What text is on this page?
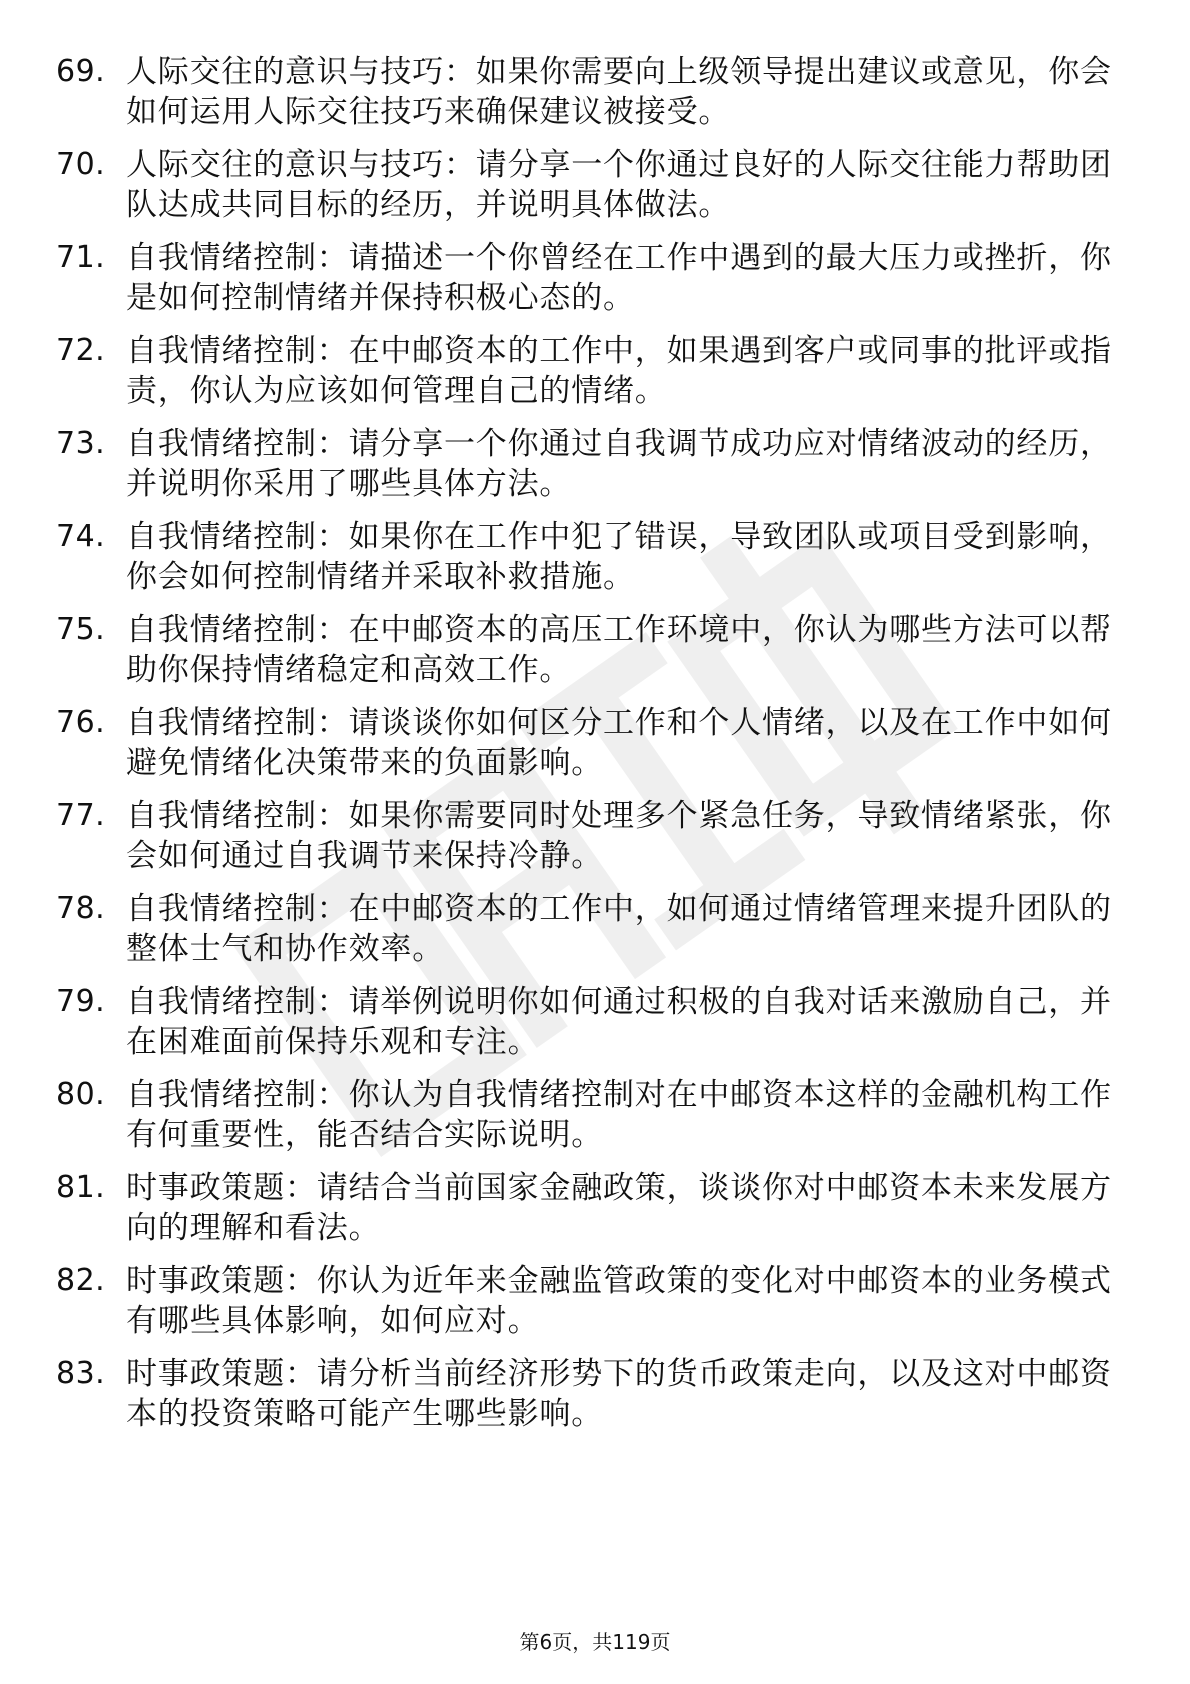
69. 人际交往的意识与技巧：如果你需要向上级领导提出建议或意见，你会如何运用人际交往技巧来确保建议被接受。
70. 人际交往的意识与技巧：请分享一个你通过良好的人际交往能力帮助团队达成共同目标的经历，并说明具体做法。
71. 自我情绪控制：请描述一个你曾经在工作中遇到的最大压力或挫折，你是如何控制情绪并保持积极心态的。
72. 自我情绪控制：在中邮资本的工作中，如果遇到客户或同事的批评或指责，你认为应该如何管理自己的情绪。
73. 自我情绪控制：请分享一个你通过自我调节成功应对情绪波动的经历，并说明你采用了哪些具体方法。
74. 自我情绪控制：如果你在工作中犯了错误，导致团队或项目受到影响，你会如何控制情绪并采取补救措施。
75. 自我情绪控制：在中邮资本的高压工作环境中，你认为哪些方法可以帮助你保持情绪稳定和高效工作。
76. 自我情绪控制：请谈谈你如何区分工作和个人情绪，以及在工作中如何避免情绪化决策带来的负面影响。
77. 自我情绪控制：如果你需要同时处理多个紧急任务，导致情绪紧张，你会如何通过自我调节来保持冷静。
78. 自我情绪控制：在中邮资本的工作中，如何通过情绪管理来提升团队的整体士气和协作效率。
79. 自我情绪控制：请举例说明你如何通过积极的自我对话来激励自己，并在困难面前保持乐观和专注。
80. 自我情绪控制：你认为自我情绪控制对在中邮资本这样的金融机构工作有何重要性，能否结合实际说明。
81. 时事政策题：请结合当前国家金融政策，谈谈你对中邮资本未来发展方向的理解和看法。
82. 时事政策题：你认为近年来金融监管政策的变化对中邮资本的业务模式有哪些具体影响，如何应对。
83. 时事政策题：请分析当前经济形势下的货币政策走向，以及这对中邮资本的投资策略可能产生哪些影响。
第6页，共119页
